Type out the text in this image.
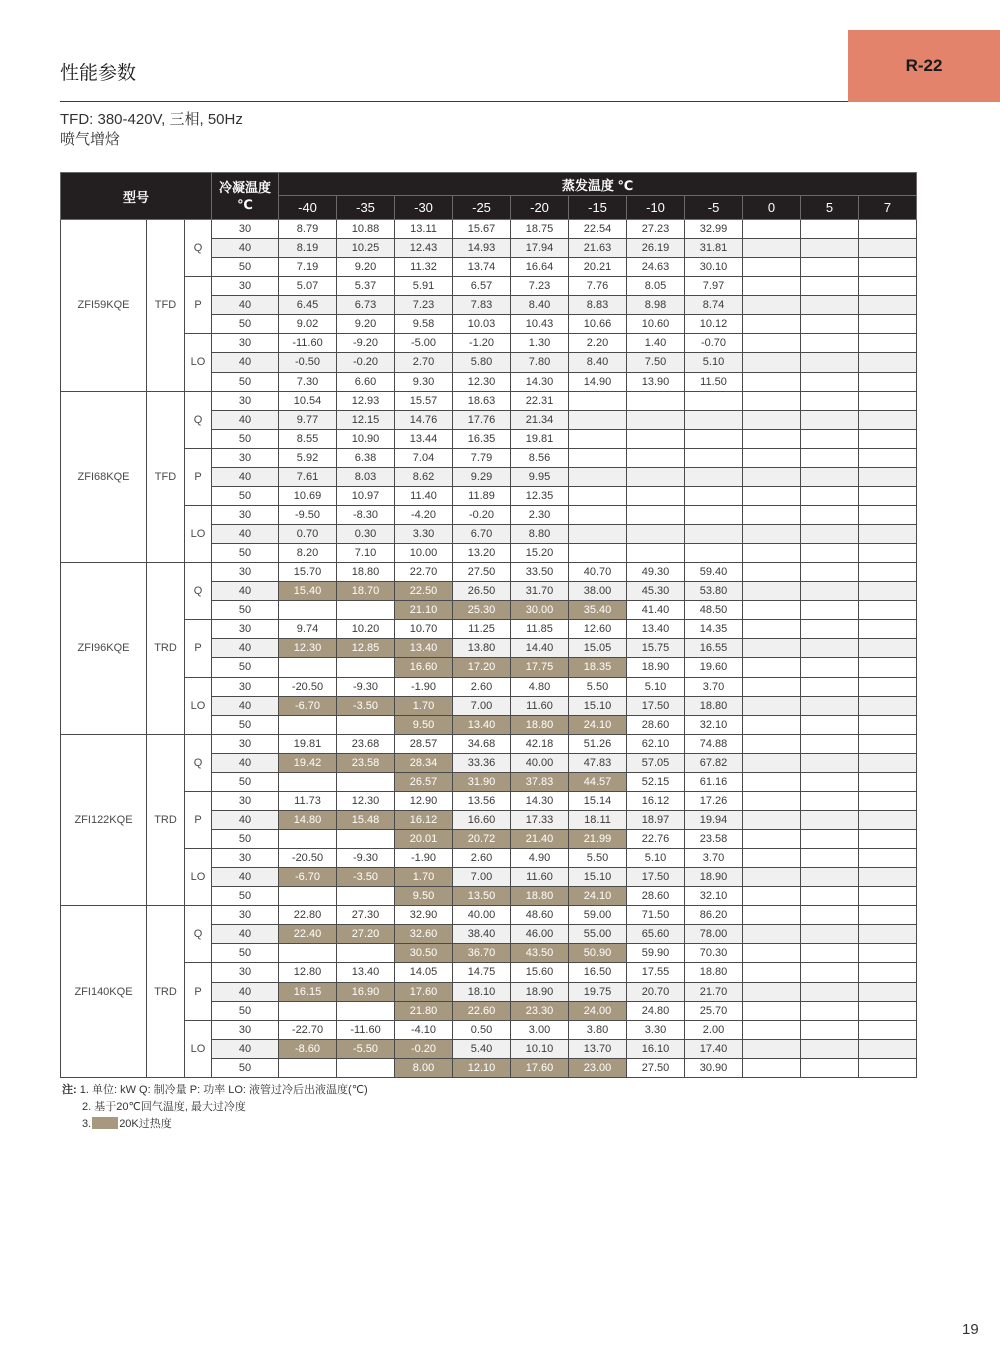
性能参数	R-22
TFD: 380-420V, 三相, 50Hz
喷气增焓
型号			冷凝温度
℃	蒸发温度 ℃										
				-40	-35	-30	-25	-20	-15	-10	-5	0	5	7
ZFI59KQE	TFD	Q	30	8.79	10.88	13.11	15.67	18.75	22.54	27.23	32.99			
			40	8.19	10.25	12.43	14.93	17.94	21.63	26.19	31.81			
			50	7.19	9.20	11.32	13.74	16.64	20.21	24.63	30.10			
		P	30	5.07	5.37	5.91	6.57	7.23	7.76	8.05	7.97			
			40	6.45	6.73	7.23	7.83	8.40	8.83	8.98	8.74			
			50	9.02	9.20	9.58	10.03	10.43	10.66	10.60	10.12			
		LO	30	-11.60	-9.20	-5.00	-1.20	1.30	2.20	1.40	-0.70			
			40	-0.50	-0.20	2.70	5.80	7.80	8.40	7.50	5.10			
			50	7.30	6.60	9.30	12.30	14.30	14.90	13.90	11.50			
ZFI68KQE	TFD	Q	30	10.54	12.93	15.57	18.63	22.31						
			40	9.77	12.15	14.76	17.76	21.34						
			50	8.55	10.90	13.44	16.35	19.81						
		P	30	5.92	6.38	7.04	7.79	8.56						
			40	7.61	8.03	8.62	9.29	9.95						
			50	10.69	10.97	11.40	11.89	12.35						
		LO	30	-9.50	-8.30	-4.20	-0.20	2.30						
			40	0.70	0.30	3.30	6.70	8.80						
			50	8.20	7.10	10.00	13.20	15.20						
ZFI96KQE	TRD	Q	30	15.70	18.80	22.70	27.50	33.50	40.70	49.30	59.40			
			40	15.40	18.70	22.50	26.50	31.70	38.00	45.30	53.80			
			50			21.10	25.30	30.00	35.40	41.40	48.50			
		P	30	9.74	10.20	10.70	11.25	11.85	12.60	13.40	14.35			
			40	12.30	12.85	13.40	13.80	14.40	15.05	15.75	16.55			
			50			16.60	17.20	17.75	18.35	18.90	19.60			
		LO	30	-20.50	-9.30	-1.90	2.60	4.80	5.50	5.10	3.70			
			40	-6.70	-3.50	1.70	7.00	11.60	15.10	17.50	18.80			
			50			9.50	13.40	18.80	24.10	28.60	32.10			
ZFI122KQE	TRD	Q	30	19.81	23.68	28.57	34.68	42.18	51.26	62.10	74.88			
			40	19.42	23.58	28.34	33.36	40.00	47.83	57.05	67.82			
			50			26.57	31.90	37.83	44.57	52.15	61.16			
		P	30	11.73	12.30	12.90	13.56	14.30	15.14	16.12	17.26			
			40	14.80	15.48	16.12	16.60	17.33	18.11	18.97	19.94			
			50			20.01	20.72	21.40	21.99	22.76	23.58			
		LO	30	-20.50	-9.30	-1.90	2.60	4.90	5.50	5.10	3.70			
			40	-6.70	-3.50	1.70	7.00	11.60	15.10	17.50	18.90			
			50			9.50	13.50	18.80	24.10	28.60	32.10			
ZFI140KQE	TRD	Q	30	22.80	27.30	32.90	40.00	48.60	59.00	71.50	86.20			
			40	22.40	27.20	32.60	38.40	46.00	55.00	65.60	78.00			
			50			30.50	36.70	43.50	50.90	59.90	70.30			
		P	30	12.80	13.40	14.05	14.75	15.60	16.50	17.55	18.80			
			40	16.15	16.90	17.60	18.10	18.90	19.75	20.70	21.70			
			50			21.80	22.60	23.30	24.00	24.80	25.70			
		LO	30	-22.70	-11.60	-4.10	0.50	3.00	3.80	3.30	2.00			
			40	-8.60	-5.50	-0.20	5.40	10.10	13.70	16.10	17.40			
			50			8.00	12.10	17.60	23.00	27.50	30.90			
注: 1. 单位: kW Q: 制冷量 P: 功率 LO: 液管过冷后出液温度(℃)
2. 基于20℃回气温度, 最大过冷度
3.	20K过热度
19
